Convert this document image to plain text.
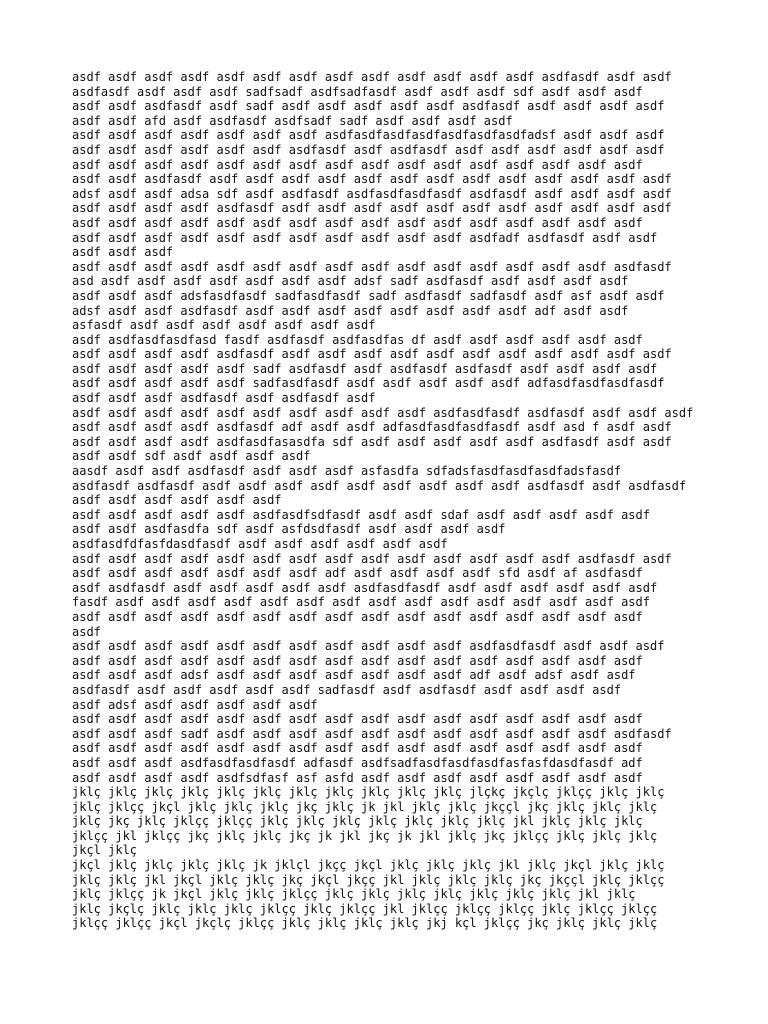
asdf asdf asdf asdf asdf asdf asdf asdf asdf asdf asdf asdf asdf asdfasdf asdf asdf
asdfasdf asdf asdf asdf sadfsadf asdfsadfasdf asdf asdf asdf sdf asdf asdf asdf
asdf asdf asdfasdf asdf sadf asdf asdf asdf asdf asdf asdfasdf asdf asdf asdf asdf
asdf asdf afd asdf asdfasdf asdfsadf sadf asdf asdf asdf asdf
asdf asdf asdf asdf asdf asdf asdf asdfasdfasdfasdfasdfasdfasdfadsf asdf asdf asdf
asdf asdf asdf asdf asdf asdf asdfasdf asdf asdfasdf asdf asdf asdf asdf asdf asdf
asdf asdf asdf asdf asdf asdf asdf asdf asdf asdf asdf asdf asdf asdf asdf asdf
asdf asdf asdfasdf asdf asdf asdf asdf asdf asdf asdf asdf asdf asdf asdf asdf asdf
adsf asdf asdf adsa sdf asdf asdfasdf asdfasdfasdfasdf asdfasdf asdf asdf asdf asdf
asdf asdf asdf asdf asdfasdf asdf asdf asdf asdf asdf asdf asdf asdf asdf asdf asdf
asdf asdf asdf asdf asdf asdf asdf asdf asdf asdf asdf asdf asdf asdf asdf asdf
asdf asdf asdf asdf asdf asdf asdf asdf asdf asdf asdf asdfadf asdfasdf asdf asdf
asdf asdf asdf
asdf asdf asdf asdf asdf asdf asdf asdf asdf asdf asdf asdf asdf asdf asdf asdfasdf
asd asdf asdf asdf asdf asdf asdf asdf adsf sadf asdfasdf asdf asdf asdf asdf
asdf asdf asdf adsfasdfasdf sadfasdfasdf sadf asdfasdf sadfasdf asdf asf asdf asdf
adsf asdf asdf asdfasdf asdf asdf asdf asdf asdf asdf asdf asdf adf asdf asdf
asfasdf asdf asdf asdf asdf asdf asdf asdf
asdf asdfasdfasdfasd fasdf asdfasdf asdfasdfas df asdf asdf asdf asdf asdf asdf
asdf asdf asdf asdf asdfasdf asdf asdf asdf asdf asdf asdf asdf asdf asdf asdf asdf
asdf asdf asdf asdf asdf sadf asdfasdf asdf asdfasdf asdfasdf asdf asdf asdf asdf
asdf asdf asdf asdf asdf sadfasdfasdf asdf asdf asdf asdf asdf adfasdfasdfasdfasdf
asdf asdf asdf asdfasdf asdf asdfasdf asdf
asdf asdf asdf asdf asdf asdf asdf asdf asdf asdf asdfasdfasdf asdfasdf asdf asdf asdf
asdf asdf asdf asdf asdfasdf adf asdf asdf adfasdfasdfasdfasdf asdf asd f asdf asdf
asdf asdf asdf asdf asdfasdfasasdfa sdf asdf asdf asdf asdf asdf asdfasdf asdf asdf
asdf asdf sdf asdf asdf asdf asdf
aasdf asdf asdf asdfasdf asdf asdf asdf asfasdfa sdfadsfasdfasdfasdfadsfasdf
asdfasdf asdfasdf asdf asdf asdf asdf asdf asdf asdf asdf asdf asdfasdf asdf asdfasdf
asdf asdf asdf asdf asdf asdf
asdf asdf asdf asdf asdf asdfasdfsdfasdf asdf asdf sdaf asdf asdf asdf asdf asdf
asdf asdf asdfasdfa sdf asdf asfdsdfasdf asdf asdf asdf asdf
asdfasdfdfasfdasdfasdf asdf asdf asdf asdf asdf asdf
asdf asdf asdf asdf asdf asdf asdf asdf asdf asdf asdf asdf asdf asdf asdfasdf asdf
asdf asdf asdf asdf asdf asdf asdf adf asdf asdf asdf asdf sfd asdf af asdfasdf
asdf asdfasdf asdf asdf asdf asdf asdf asdfasdfasdf asdf asdf asdf asdf asdf asdf
fasdf asdf asdf asdf asdf asdf asdf asdf asdf asdf asdf asdf asdf asdf asdf asdf
asdf asdf asdf asdf asdf asdf asdf asdf asdf asdf asdf asdf asdf asdf asdf asdf
asdf
asdf asdf asdf asdf asdf asdf asdf asdf asdf asdf asdf asdfasdfasdf asdf asdf asdf
asdf asdf asdf asdf asdf asdf asdf asdf asdf asdf asdf asdf asdf asdf asdf asdf
asdf asdf asdf adsf asdf asdf asdf asdf asdf asdf asdf adf asdf adsf asdf asdf
asdfasdf asdf asdf asdf asdf asdf sadfasdf asdf asdfasdf asdf asdf asdf asdf
asdf adsf asdf asdf asdf asdf asdf
asdf asdf asdf asdf asdf asdf asdf asdf asdf asdf asdf asdf asdf asdf asdf asdf
asdf asdf asdf sadf asdf asdf asdf asdf asdf asdf asdf asdf asdf asdf asdf asdfasdf
asdf asdf asdf asdf asdf asdf asdf asdf asdf asdf asdf asdf asdf asdf asdf asdf
asdf asdf asdf asdfasdfasdfasdf adfasdf asdfsadfasdfasdfasdfasfasfdasdfasdf adf
asdf asdf asdf asdf asdfsdfasf asf asfd asdf asdf asdf asdf asdf asdf asdf asdf
jklç jklç jklç jklç jklç jklç jklç jklç jklç jklç jklç jlçkç jkçlç jklçç jklç jklç
jklç jklçç jkçl jklç jklç jklç jkç jklç jk jkl jklç jklç jkççl jkç jklç jklç jklç
jklç jkç jklç jklçç jklçç jklç jklç jklç jklç jklç jklç jklç jkl jklç jklç jklç
jklçç jkl jklçç jkç jklç jklç jkç jk jkl jkç jk jkl jklç jkç jklçç jklç jklç jklç
jkçl jklç
jkçl jklç jklç jklç jklç jk jklçl jkçç jkçl jklç jklç jklç jkl jklç jkçl jklç jklç
jklç jklç jkl jkçl jklç jklç jkç jkçl jkçç jkl jklç jklç jklç jkç jkççl jklç jklçç
jklç jklçç jk jkçl jklç jklç jklçç jklç jklç jklç jklç jklç jklç jklç jkl jklç
jklç jkçlç jklç jklç jklç jklçç jklç jklçç jkl jklçç jklçç jklçç jklç jklçç jklçç
jklçç jklçç jkçl jkçlç jklçç jklç jklç jklç jklç jkj kçl jklçç jkç jklç jklç jklç
